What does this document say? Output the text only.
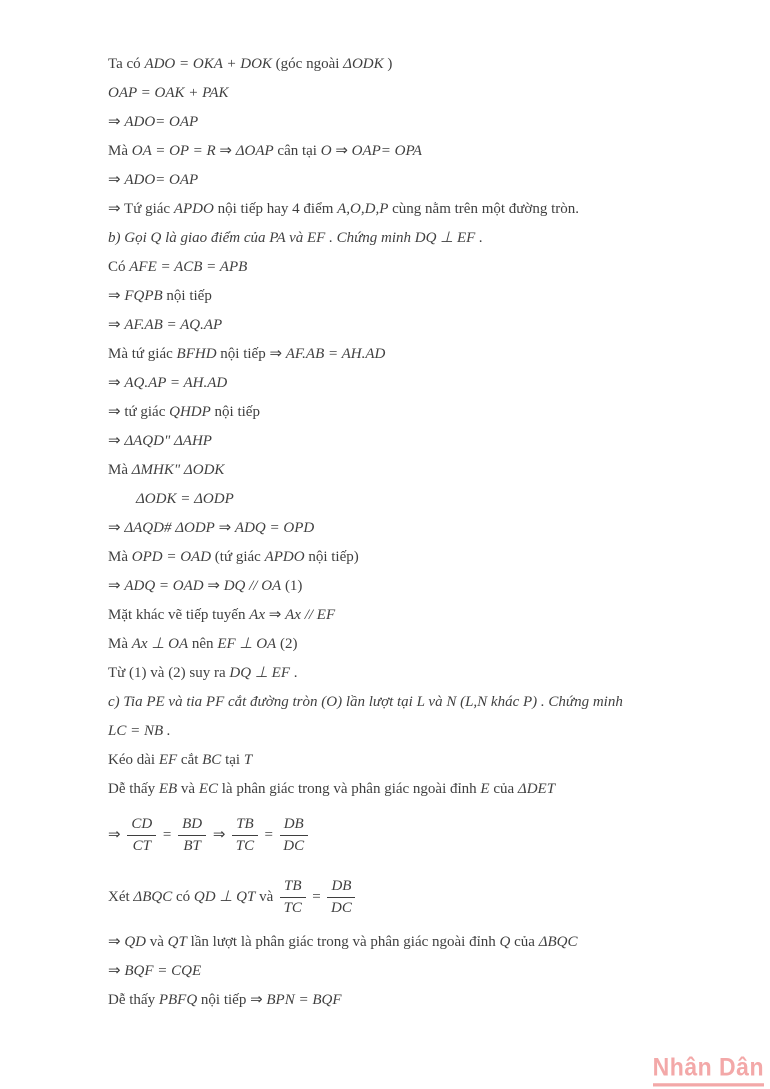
Ta có ADO = OKA + DOK (góc ngoài ΔODK )
OAP = OAK + PAK
⇒ ADO= OAP
Mà OA = OP = R ⇒ ΔOAP cân tại O ⇒ OAP= OPA
⇒ ADO= OAP
⇒ Tứ giác APDO nội tiếp hay 4 điểm A,O,D,P cùng nằm trên một đường tròn.
b) Gọi Q là giao điểm của PA và EF . Chứng minh DQ ⊥ EF .
Có AFE = ACB = APB
⇒ FQPB nội tiếp
⇒ AF.AB = AQ.AP
Mà tứ giác BFHD nội tiếp ⇒ AF.AB = AH.AD
⇒ AQ.AP = AH.AD
⇒ tứ giác QHDP nội tiếp
⇒ ΔAQD" ΔAHP
Mà ΔMHK" ΔODK
ΔODK = ΔODP
⇒ ΔAQD# ΔODP ⇒ ADQ = OPD
Mà OPD = OAD (tứ giác APDO nội tiếp)
⇒ ADQ = OAD ⇒ DQ // OA (1)
Mặt khác vẽ tiếp tuyến Ax ⇒ Ax // EF
Mà Ax ⊥ OA nên EF ⊥ OA (2)
Từ (1) và (2) suy ra DQ ⊥ EF .
c) Tia PE và tia PF cắt đường tròn (O) lần lượt tại L và N (L,N khác P) . Chứng minh
LC = NB .
Kéo dài EF cắt BC tại T
Dễ thấy EB và EC là phân giác trong và phân giác ngoài đỉnh E của ΔDET
⇒ $\frac{CD}{CT} = \frac{BD}{BT}$ ⇒ $\frac{TB}{TC} = \frac{DB}{DC}$
Xét ΔBQC có QD ⊥ QT và $\frac{TB}{TC} = \frac{DB}{DC}$
⇒ QD và QT lần lượt là phân giác trong và phân giác ngoài đỉnh Q của ΔBQC
⇒ BQF = CQE
Dễ thấy PBFQ nội tiếp ⇒ BPN = BQF
Nhân Dân
